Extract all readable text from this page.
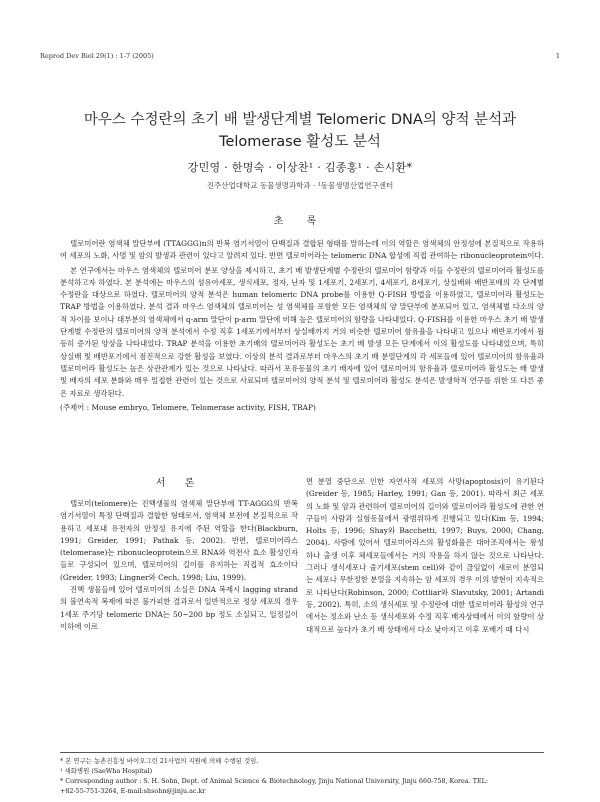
Reprod Dev Biol 29(1) : 1-7 (2005)	1
마우스 수정란의 초기 배 발생단계별 Telomeric DNA의 양적 분석과
Telomerase 활성도 분석
강민영 · 한명숙 · 이상찬¹ · 김종홍¹ · 손시환*
진주산업대학교 동물생명과학과 · ¹동물생명산업연구센터
초 록

텔로미어란 염색체 말단부에 (TTAGGG)n의 반복 염기서열이 단백질과 결합된 형태를 말하는데 이의 역할은 염색체의 안정성에 본질적으로 작용하여 세포의 노화, 사멸 및 암의 발생과 관련이 있다고 알려져 있다. 반면 텔로미어라는 telomeric DNA 합성에 직접 관여하는 ribonucleoprotein이다.

본 연구에서는 마우스 염색체의 텔로미어 분포 양상을 제시하고, 초기 배 발생단계별 수정란의 텔로미어 함량과 이들 수정란의 텔로미어라 활성도를 분석하고자 하였다. 본 분석에는 마우스의 섬유아세포, 생식세포, 정자, 난자 및 1세포기, 2세포기, 4세포기, 8세포기, 상실배와 배반포배의 각 단계별 수정란을 대상으로 하였다. 텔로미어의 양적 분석은 human telomeric DNA probe를 이용한 Q-FISH 방법을 이용하였고, 텔로미어라 활성도는 TRAP 방법을 이용하였다. 분석 결과 마우스 염색체의 텔로미어는 성 염색체를 포함한 모든 염색체의 양 말단부에 분포되어 있고, 염색체별 다소의 양적 차이를 보이나 대부분의 염색체에서 q-arm 말단이 p-arm 말단에 비해 높은 텔로미어의 함량을 나타내었다. Q-FISH를 이용한 마우스 초기 배 발생단계별 수정란의 텔로미어의 양적 분석에서 수정 직후 1세포기에서부터 상실배까지 거의 비슷한 텔로미어 함유율을 나타내고 있으나 배반포기에서 월등히 증가된 양상을 나타내었다. TRAP 분석을 이용한 초기배의 텔로미어라 활성도는 초기 배 발생 모든 단계에서 이의 활성도를 나타내었으며, 특히 상실배 및 배반포기에서 점진적으로 강한 활성을 보였다. 이상의 분석 결과로부터 마우스의 초기 배 분열단계의 각 세포들에 있어 텔로미어의 함유율과 텔로미어라 활성도는 높은 상관관계가 있는 것으로 나타났다. 따라서 포유동물의 초기 배자에 있어 텔로미어의 함유율과 텔로미어라 활성도는 배 발생 및 배자의 세포 분화와 매우 밀접한 관련이 있는 것으로 사료되며 텔로미어의 양적 분석 및 텔로미어라 활성도 분석은 발생학적 연구를 위한 또 다른 좋은 자료로 생각된다.

(주제어 : Mouse embryo, Telomere, Telomerase activity, FISH, TRAP)

서 론

텔로미(telomere)는 진핵생물의 염색체 말단부에 TT-AGGG의 반복 염기서열이 특정 단백질과 결합한 형태로서, 염색체 보전에 본질적으로 작용하고 세포내 유전자의 안정성 유지에 주된 역할을 한다(Blackburn, 1991; Greider, 1991; Pathak 등, 2002). 반면, 텔로미어라스(telomerase)는 ribonucleoprotein으로 RNA와 역전사 효소 활성인자들로 구성되어 있으며, 텔로미어의 길이를 유지하는 직접적 효소이다(Greider, 1993; Lingner와 Cech, 1998; Liu, 1999).

진핵 생물들에 있어 텔로미어의 소실은 DNA 복제시 lagging strand의 불연속적 복제에 따른 불가피한 결과로서 일반적으로 정상 세포의 경우 1세포 주기당 telomeric DNA는 50~200 bp 정도 소실되고, 일정길이 이하에 이르

면 분열 중단으로 인한 자연사적 세포의 사망(apoptosis)이 유기된다(Greider 등, 1985; Harley, 1991; Gan 등, 2001). 따라서 최근 세포의 노화 및 암과 관련하여 텔로미어의 길이와 텔로미어라 활성도에 관한 연구들이 사람과 실험동물에서 광범위하게 진행되고 있다(Kim 등, 1994; Holts 등, 1996; Shay와 Bacchetti, 1997; Buys, 2000; Chang, 2004). 사람에 있어서 텔로미어라스의 활성화율은 대아조직에서는 왕성하나 출생 이후 체세포들에서는 거의 작용을 하지 않는 것으로 나타난다. 그러나 생식세포나 줄기세포(stem cell)와 같이 끊임없이 새로이 분열되는 세포나 무한정한 분열을 지속하는 암 세포의 경우 이의 발현이 지속적으로 나타난다(Robinson, 2000; Cottliar와 Slavutsky, 2001; Artandi 등, 2002). 특히, 소의 생식세포 및 수정란에 대한 텔로미어라 활성의 연구에서는 정소와 난소 등 생식세포와 수정 직후 배자상태에서 이의 함량이 상대적으로 높다가 초기 배 상태에서 다소 낮아지고 이후 포배기 때 다시

* 본 연구는 농촌진흥청 바이오그린 21사업의 지원에 의해 수행된 것임.
¹ 새화병원 (SaeWha Hospital)
* Corresponding author : S. H. Sohn, Dept. of Animal Science & Biotechnology, Jinju National University, Jinju 660-758, Korea. TEL:
+82-55-751-3264, E-mail:shsohn@jinju.ac.kr
